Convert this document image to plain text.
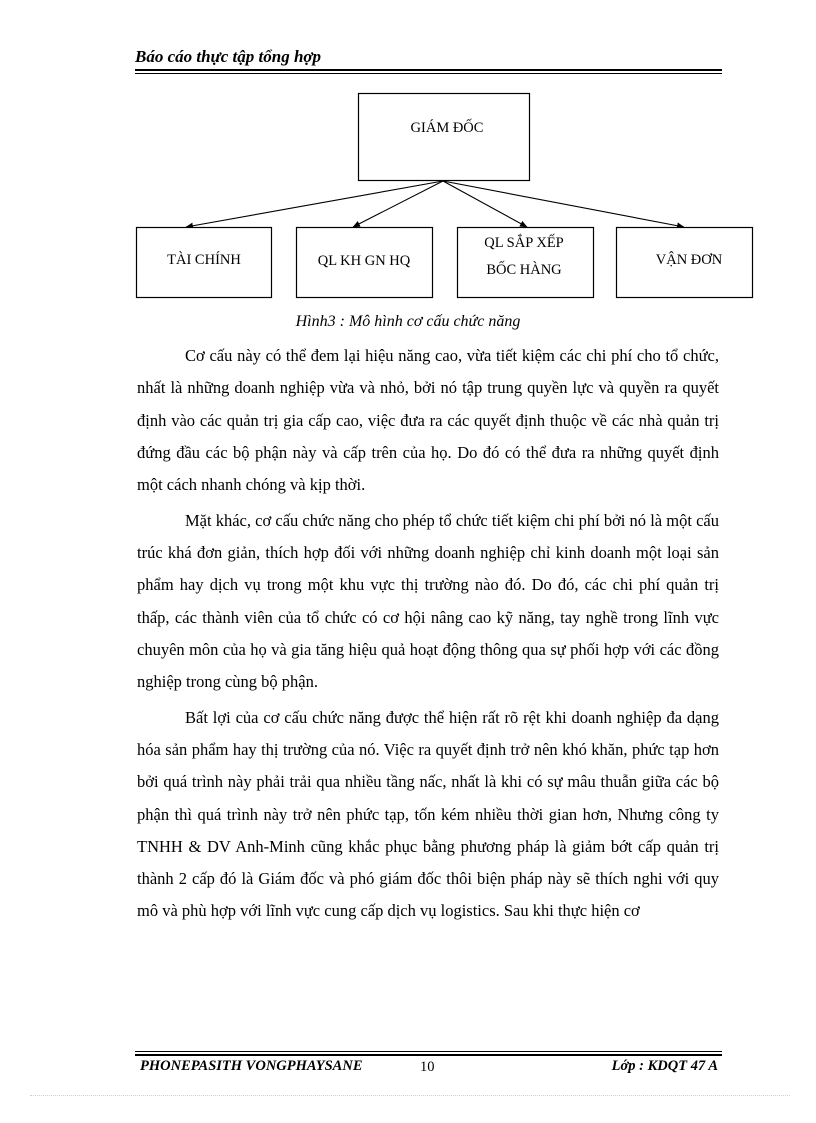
Báo cáo thực tập tổng hợp
GIÁM ĐỐC
TÀI CHÍNH	QL KH GN HQ
QL SẮP XẾP
BỐC HÀNG
VẬN ĐƠN
Hình3 : Mô hình cơ cấu chức năng

Cơ cấu này có thể đem lại hiệu năng cao, vừa tiết kiệm các chi phí cho tổ chức, nhất là những doanh nghiệp vừa và nhỏ, bởi nó tập trung quyền lực và quyền ra quyết định vào các quản trị gia cấp cao, việc đưa ra các quyết định thuộc về các nhà quản trị đứng đầu các bộ phận này và cấp trên của họ. Do đó có thể đưa ra những quyết định một cách nhanh chóng và kịp thời.

Mặt khác, cơ cấu chức năng cho phép tổ chức tiết kiệm chi phí bởi nó là một cấu trúc khá đơn giản, thích hợp đối với những doanh nghiệp chỉ kinh doanh một loại sản phẩm hay dịch vụ trong một khu vực thị trường nào đó. Do đó, các chi phí quản trị thấp, các thành viên của tổ chức có cơ hội nâng cao kỹ năng, tay nghề trong lĩnh vực chuyên môn của họ và gia tăng hiệu quả hoạt động thông qua sự phối hợp với các đồng nghiệp trong cùng bộ phận.

Bất lợi của cơ cấu chức năng được thể hiện rất rõ rệt khi doanh nghiệp đa dạng hóa sản phẩm hay thị trường của nó. Việc ra quyết định trở nên khó khăn, phức tạp hơn bởi quá trình này phải trải qua nhiều tầng nấc, nhất là khi có sự mâu thuẫn giữa các bộ phận thì quá trình này trở nên phức tạp, tốn kém nhiều thời gian hơn, Nhưng công ty TNHH & DV Anh-Minh cũng khắc phục bằng phương pháp là giảm bớt cấp quản trị thành 2 cấp đó là Giám đốc và phó giám đốc thôi biện pháp này sẽ thích nghi với quy mô và phù hợp với lĩnh vực cung cấp dịch vụ logistics. Sau khi thực hiện cơ

PHONEPASITH VONGPHAYSANE	10	Lớp : KDQT 47 A
